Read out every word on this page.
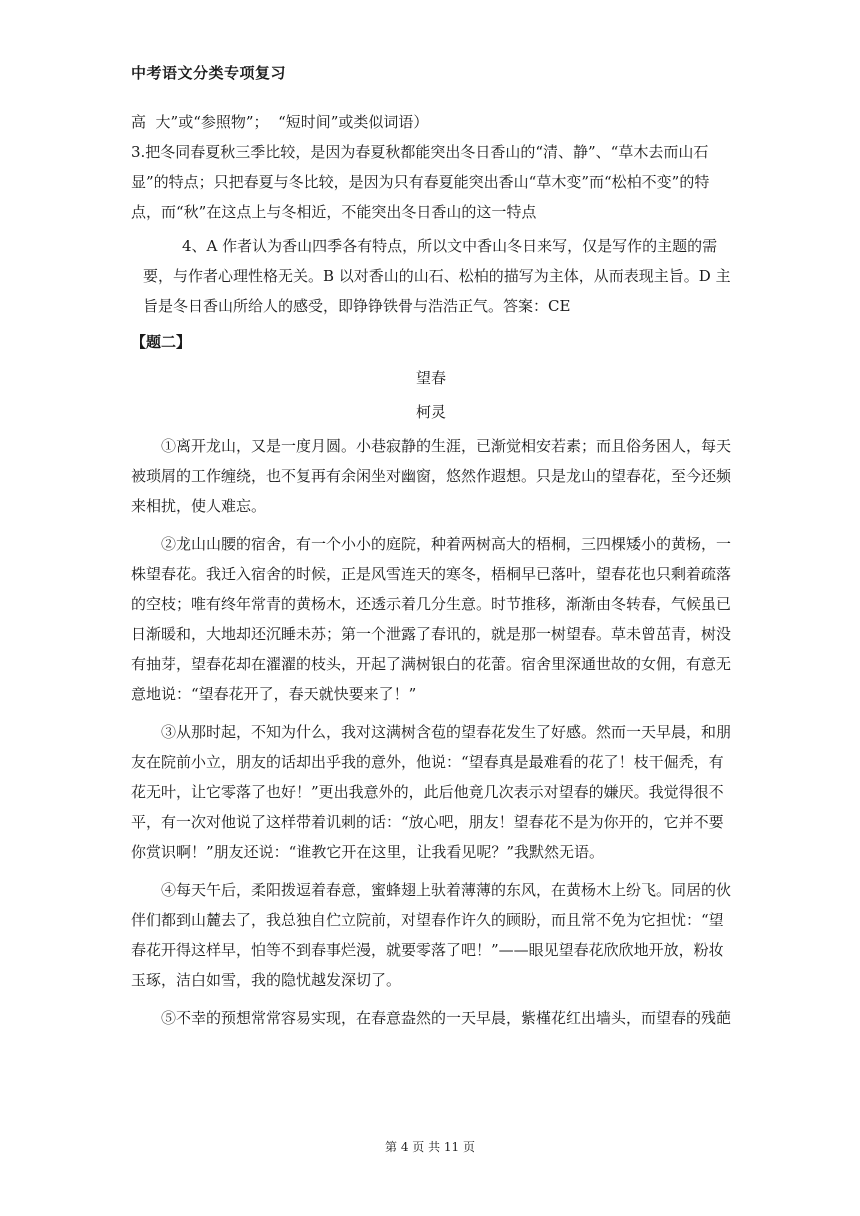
中考语文分类专项复习

高  大”或“参照物”；  “短时间”或类似词语）

3.把冬同春夏秋三季比较，是因为春夏秋都能突出冬日香山的“清、静”、“草木去而山石显”的特点；只把春夏与冬比较，是因为只有春夏能突出香山“草木变”而“松柏不变”的特点，而“秋”在这点上与冬相近，不能突出冬日香山的这一特点

4、A 作者认为香山四季各有特点，所以文中香山冬日来写，仅是写作的主题的需要，与作者心理性格无关。B 以对香山的山石、松柏的描写为主体，从而表现主旨。D 主旨是冬日香山所给人的感受，即铮铮铁骨与浩浩正气。答案：CE

【题二】

望春

柯灵

①离开龙山，又是一度月圆。小巷寂静的生涯，已渐觉相安若素；而且俗务困人，每天被琐屑的工作缠绕，也不复再有余闲坐对幽窗，悠然作遐想。只是龙山的望春花，至今还频来相扰，使人难忘。

②龙山山腰的宿舍，有一个小小的庭院，种着两树高大的梧桐，三四棵矮小的黄杨，一株望春花。我迁入宿舍的时候，正是风雪连天的寒冬，梧桐早已落叶，望春花也只剩着疏落的空枝；唯有终年常青的黄杨木，还透示着几分生意。时节推移，渐渐由冬转春，气候虽已日渐暖和，大地却还沉睡未苏；第一个泄露了春讯的，就是那一树望春。草未曾茁青，树没有抽芽，望春花却在濯濯的枝头，开起了满树银白的花蕾。宿舍里深通世故的女佣，有意无意地说：“望春花开了，春天就快要来了！”

③从那时起，不知为什么，我对这满树含苞的望春花发生了好感。然而一天早晨，和朋友在院前小立，朋友的话却出乎我的意外，他说：“望春真是最难看的花了！枝干倔秃，有花无叶，让它零落了也好！”更出我意外的，此后他竟几次表示对望春的嫌厌。我觉得很不平，有一次对他说了这样带着讥刺的话：“放心吧，朋友！望春花不是为你开的，它并不要你赏识啊！”朋友还说：“谁教它开在这里，让我看见呢？”我默然无语。

④每天午后，柔阳拨逗着春意，蜜蜂翅上驮着薄薄的东风，在黄杨木上纷飞。同居的伙伴们都到山麓去了，我总独自伫立院前，对望春作许久的顾盼，而且常不免为它担忧：“望春花开得这样早，怕等不到春事烂漫，就要零落了吧！”——眼见望春花欣欣地开放，粉妆玉琢，洁白如雪，我的隐忧越发深切了。

⑤不幸的预想常常容易实现，在春意盎然的一天早晨，紫槿花红出墙头，而望春的残葩

第 4 页 共 11 页
